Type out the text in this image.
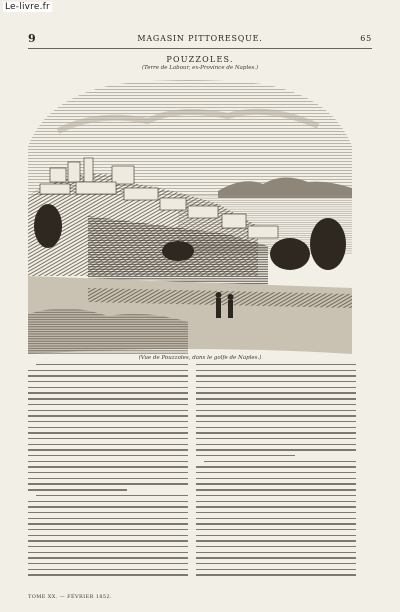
Le-livre.fr
9	MAGASIN PITTORESQUE.	65
POUZZOLES.
(Terre de Labour, ex-Province de Naples.)
(Vue de Pouzzoles, dans le golfe de Naples.)
TOME XX. — FÉVRIER 1852.
